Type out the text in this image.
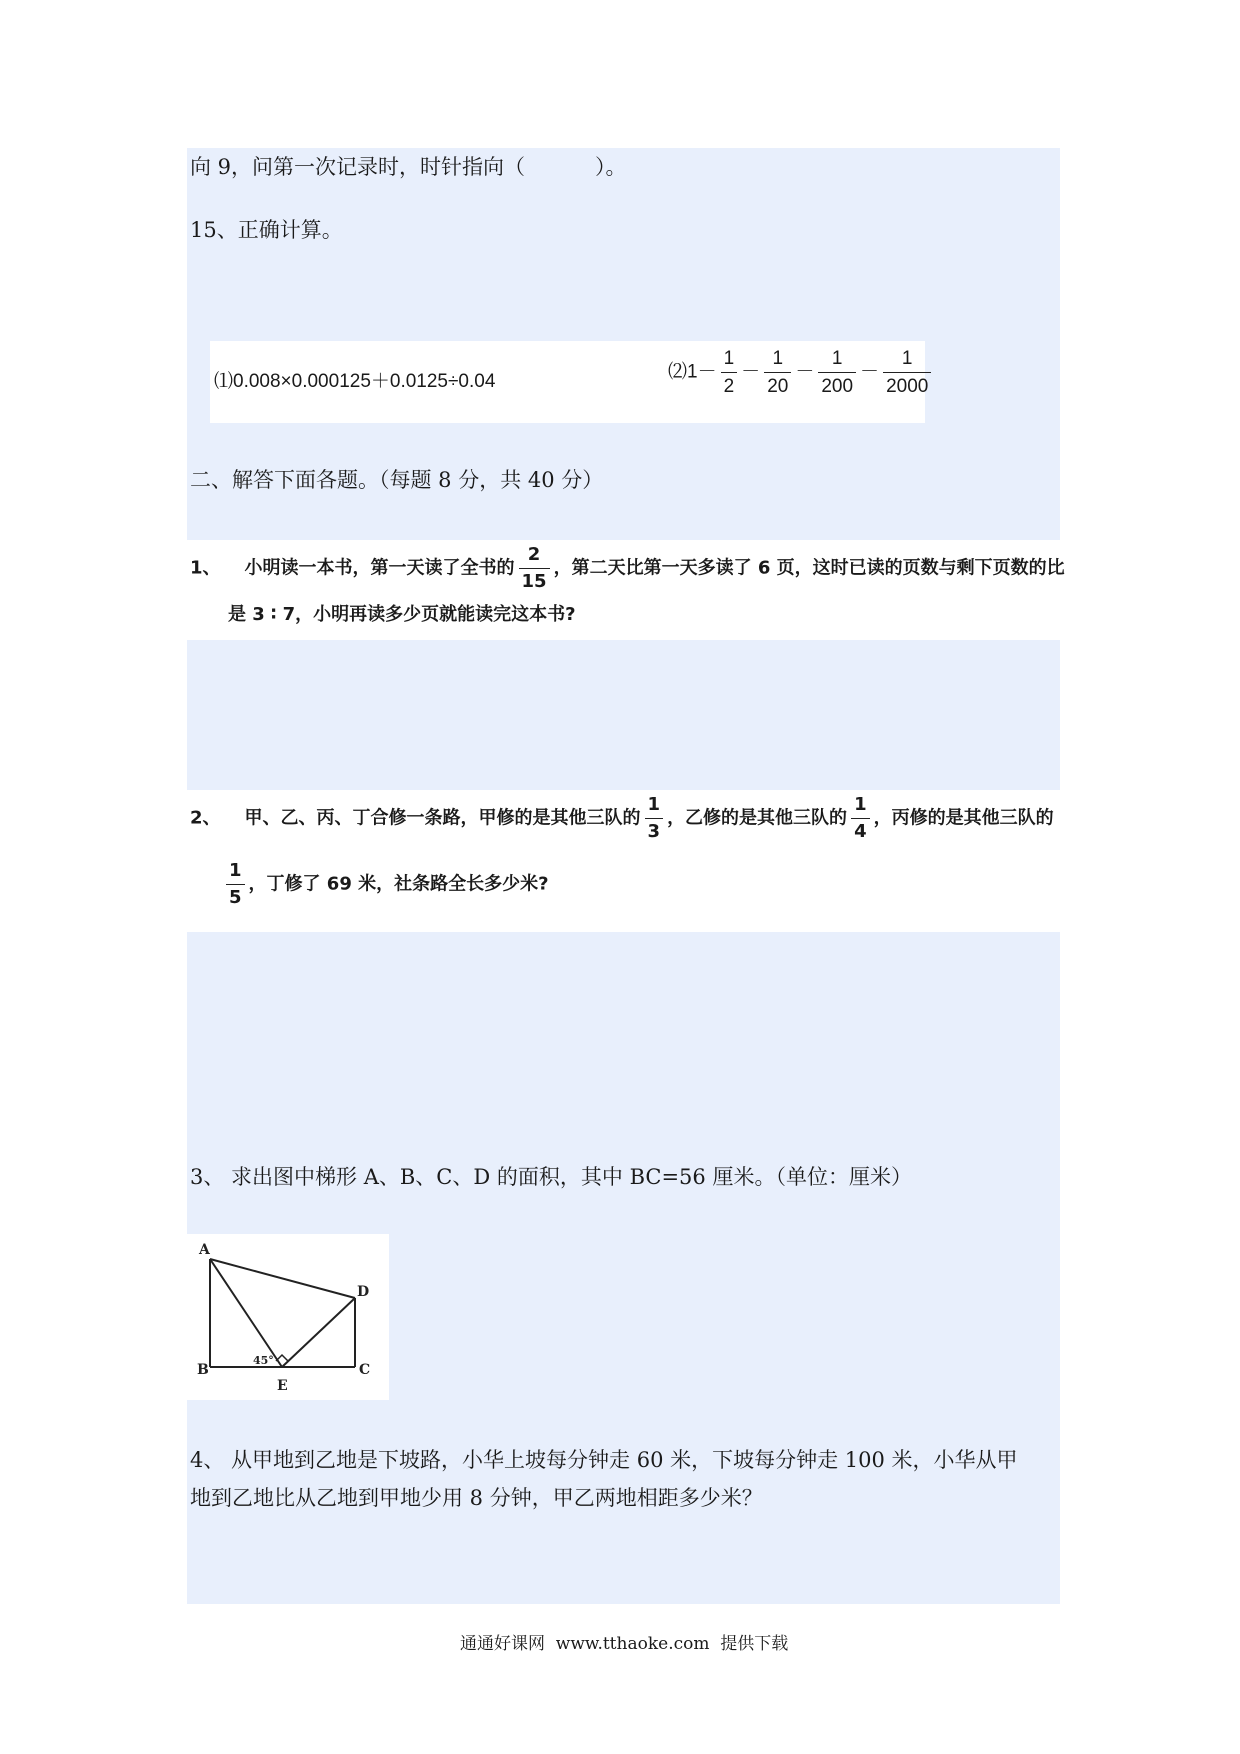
向 9，问第一次记录时，时针指向（	）。
15、正确计算。
⑴0.008×0.000125＋0.0125÷0.04	⑵1－ $\frac{1}{2} - \frac{1}{20} - \frac{1}{200} - \frac{1}{2000}$
二、解答下面各题。（每题 8 分，共 40 分）
1、 小明读一本书，第一天读了全书的 $\frac{2}{15}$ ，第二天比第一天多读了 6 页，这时已读的页数与剩下页数的比
是 3 ∶ 7，小明再读多少页就能读完这本书?
2、 甲、乙、丙、丁合修一条路，甲修的是其他三队的 $\frac{1}{3}$ ，乙修的是其他三队的 $\frac{1}{4}$ ，丙修的是其他三队的
$\frac{1}{5}$ ，丁修了 69 米，社条路全长多少米?
3、 求出图中梯形 A、B、C、D 的面积，其中 BC=56 厘米。（单位：厘米）
A
B	C
D
E
45°
4、 从甲地到乙地是下坡路，小华上坡每分钟走 60 米，下坡每分钟走 100 米，小华从甲
地到乙地比从乙地到甲地少用 8 分钟，甲乙两地相距多少米？
通通好课网  www.tthaoke.com  提供下载
